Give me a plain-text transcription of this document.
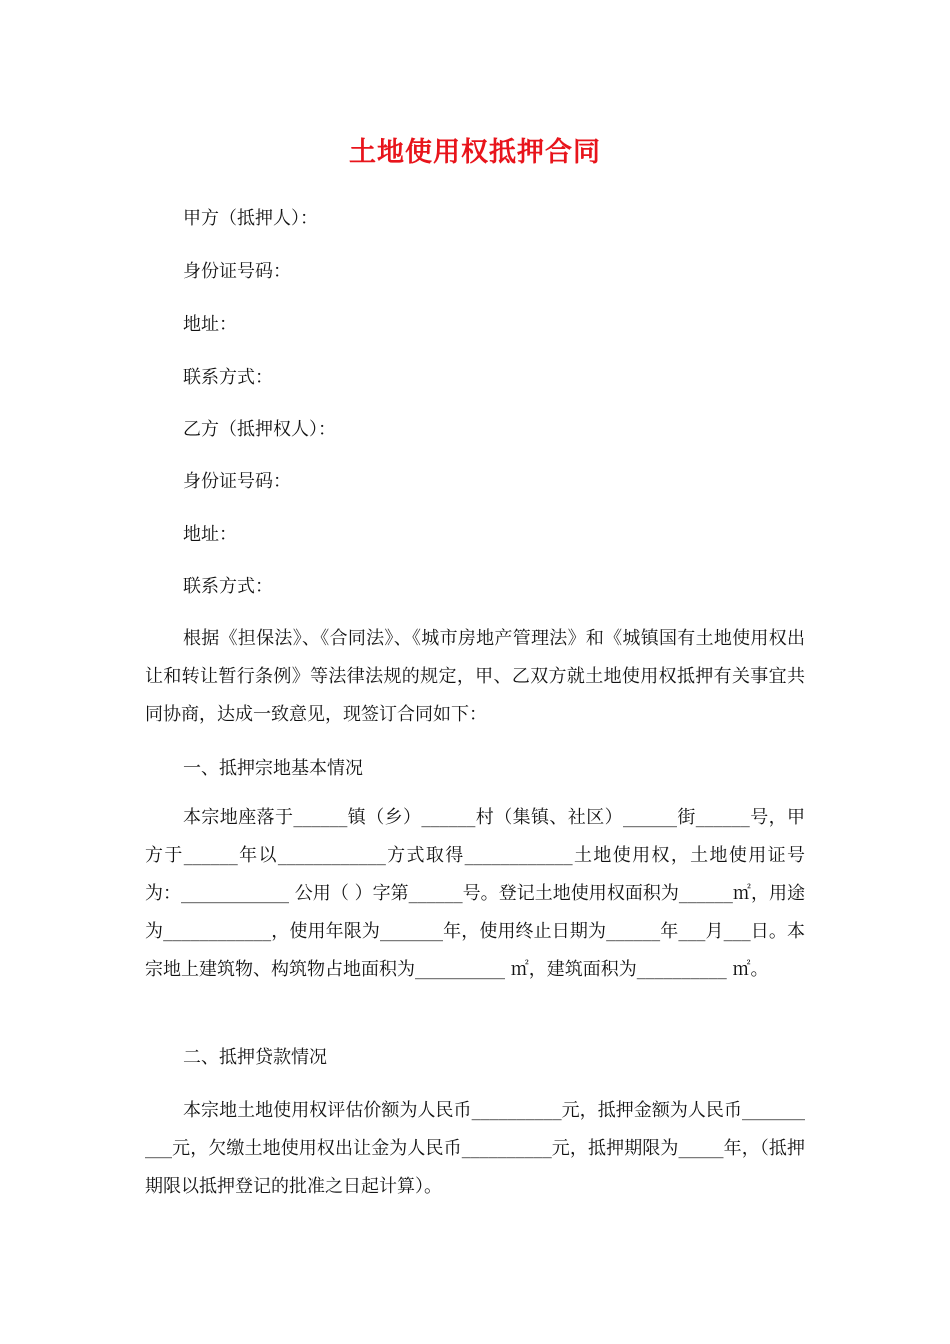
土地使用权抵押合同
甲方（抵押人）：
身份证号码：
地址：
联系方式：
乙方（抵押权人）：
身份证号码：
地址：
联系方式：
根据《担保法》、《合同法》、《城市房地产管理法》和《城镇国有土地使用权出让和转让暂行条例》等法律法规的规定，甲、乙双方就土地使用权抵押有关事宜共同协商，达成一致意见，现签订合同如下：
一、抵押宗地基本情况
本宗地座落于______镇（乡）______村（集镇、社区）______街______号，甲方于______年以____________方式取得____________土地使用权，土地使用证号为：____________ 公用（ ）字第______号。登记土地使用权面积为______㎡，用途为____________，使用年限为_______年，使用终止日期为______年___月___日。本宗地上建筑物、构筑物占地面积为__________ ㎡，建筑面积为__________ ㎡。
二、抵押贷款情况
本宗地土地使用权评估价额为人民币__________元，抵押金额为人民币__________元，欠缴土地使用权出让金为人民币__________元，抵押期限为_____年，（抵押期限以抵押登记的批准之日起计算）。
